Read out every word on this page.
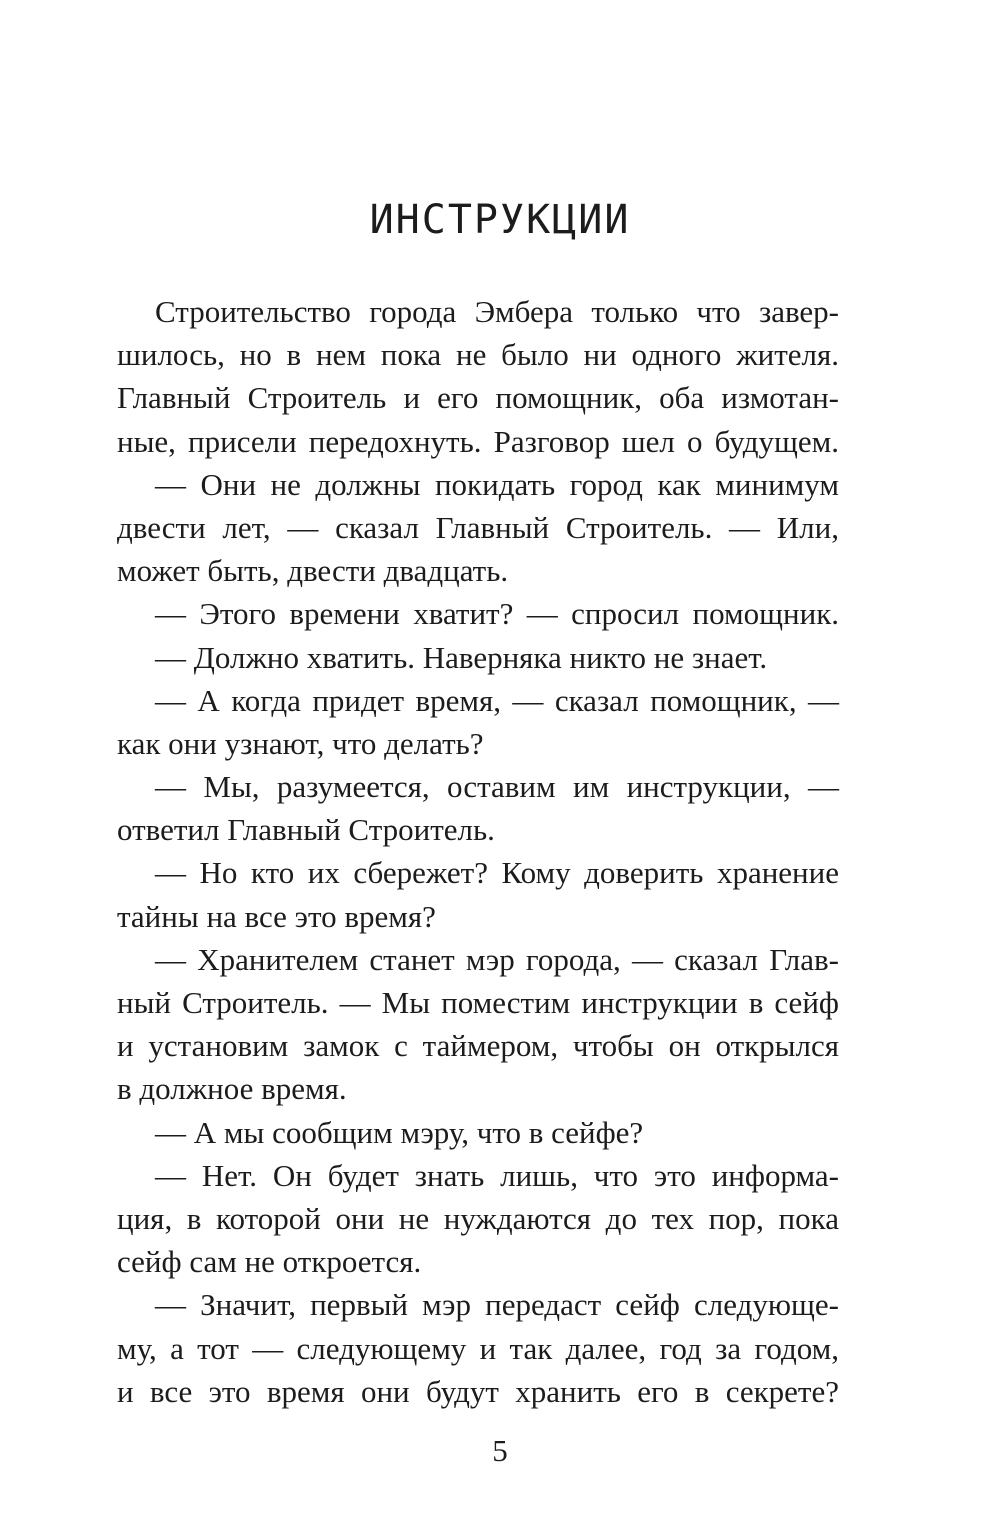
ИНСТРУКЦИИ
Строительство города Эмбера только что завер-
шилось, но в нем пока не было ни одного жителя.
Главный Строитель и его помощник, оба измотан-
ные, присели передохнуть. Разговор шел о будущем.
— Они не должны покидать город как минимум
двести лет, — сказал Главный Строитель. — Или,
может быть, двести двадцать.
— Этого времени хватит? — спросил помощник.
— Должно хватить. Наверняка никто не знает.
— А когда придет время, — сказал помощник, —
как они узнают, что делать?
— Мы, разумеется, оставим им инструкции, —
ответил Главный Строитель.
— Но кто их сбережет? Кому доверить хранение
тайны на все это время?
— Хранителем станет мэр города, — сказал Глав-
ный Строитель. — Мы поместим инструкции в сейф
и установим замок с таймером, чтобы он открылся
в должное время.
— А мы сообщим мэру, что в сейфе?
— Нет. Он будет знать лишь, что это информа-
ция, в которой они не нуждаются до тех пор, пока
сейф сам не откроется.
— Значит, первый мэр передаст сейф следующе-
му, а тот — следующему и так далее, год за годом,
и все это время они будут хранить его в секрете?
5
